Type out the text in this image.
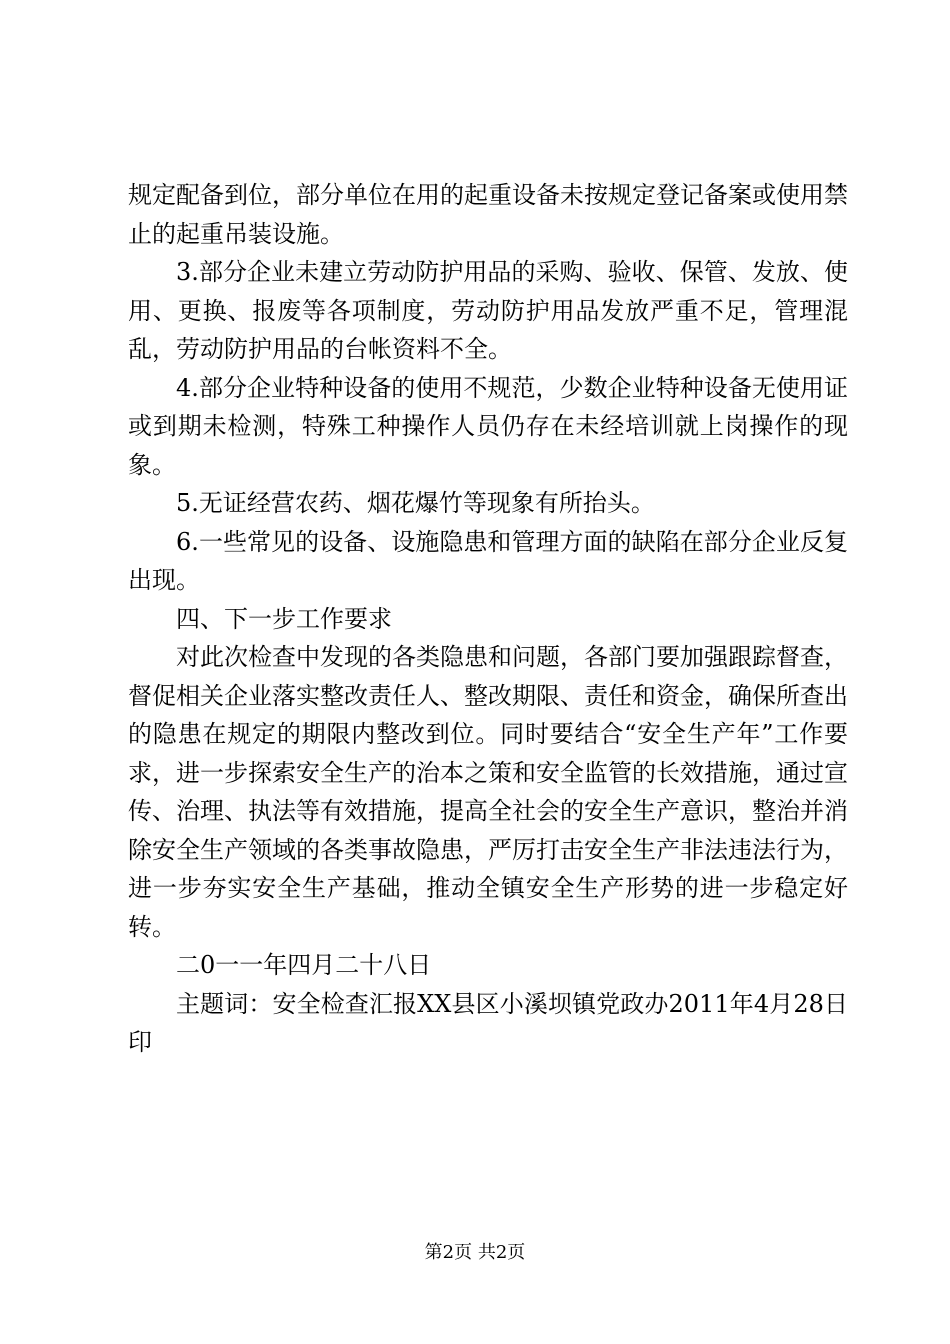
规定配备到位，部分单位在用的起重设备未按规定登记备案或使用禁止的起重吊装设施。

3.部分企业未建立劳动防护用品的采购、验收、保管、发放、使用、更换、报废等各项制度，劳动防护用品发放严重不足，管理混乱，劳动防护用品的台帐资料不全。

4.部分企业特种设备的使用不规范，少数企业特种设备无使用证或到期未检测，特殊工种操作人员仍存在未经培训就上岗操作的现象。

5.无证经营农药、烟花爆竹等现象有所抬头。

6.一些常见的设备、设施隐患和管理方面的缺陷在部分企业反复出现。

四、下一步工作要求

对此次检查中发现的各类隐患和问题，各部门要加强跟踪督查，督促相关企业落实整改责任人、整改期限、责任和资金，确保所查出的隐患在规定的期限内整改到位。同时要结合“安全生产年”工作要求，进一步探索安全生产的治本之策和安全监管的长效措施，通过宣传、治理、执法等有效措施，提高全社会的安全生产意识，整治并消除安全生产领域的各类事故隐患，严厉打击安全生产非法违法行为，进一步夯实安全生产基础，推动全镇安全生产形势的进一步稳定好转。

二0一一年四月二十八日

主题词：安全检查汇报XX县区小溪坝镇党政办2011年4月28日印

第2页 共2页
